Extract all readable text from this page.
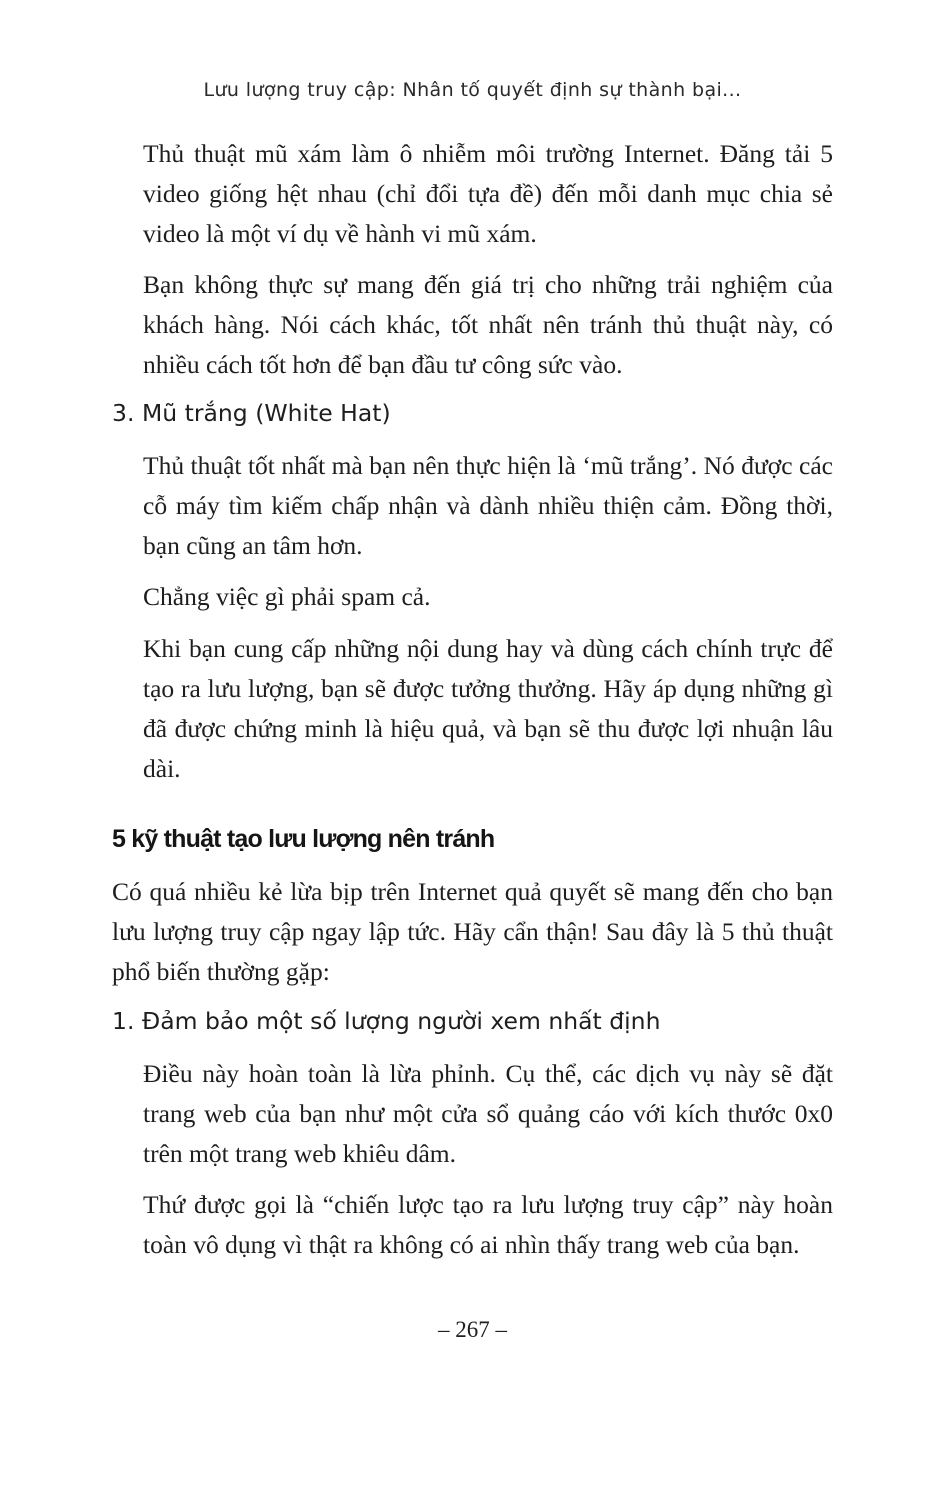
Lưu lượng truy cập: Nhân tố quyết định sự thành bại...

Thủ thuật mũ xám làm ô nhiễm môi trường Internet. Đăng tải 5 video giống hệt nhau (chỉ đổi tựa đề) đến mỗi danh mục chia sẻ video là một ví dụ về hành vi mũ xám.

Bạn không thực sự mang đến giá trị cho những trải nghiệm của khách hàng. Nói cách khác, tốt nhất nên tránh thủ thuật này, có nhiều cách tốt hơn để bạn đầu tư công sức vào.

3. Mũ trắng (White Hat)

Thủ thuật tốt nhất mà bạn nên thực hiện là ‘mũ trắng’. Nó được các cỗ máy tìm kiếm chấp nhận và dành nhiều thiện cảm. Đồng thời, bạn cũng an tâm hơn.

Chẳng việc gì phải spam cả.

Khi bạn cung cấp những nội dung hay và dùng cách chính trực để tạo ra lưu lượng, bạn sẽ được tưởng thưởng. Hãy áp dụng những gì đã được chứng minh là hiệu quả, và bạn sẽ thu được lợi nhuận lâu dài.

5 kỹ thuật tạo lưu lượng nên tránh

Có quá nhiều kẻ lừa bịp trên Internet quả quyết sẽ mang đến cho bạn lưu lượng truy cập ngay lập tức. Hãy cẩn thận! Sau đây là 5 thủ thuật phổ biến thường gặp:

1. Đảm bảo một số lượng người xem nhất định

Điều này hoàn toàn là lừa phỉnh. Cụ thể, các dịch vụ này sẽ đặt trang web của bạn như một cửa sổ quảng cáo với kích thước 0x0 trên một trang web khiêu dâm.

Thứ được gọi là “chiến lược tạo ra lưu lượng truy cập” này hoàn toàn vô dụng vì thật ra không có ai nhìn thấy trang web của bạn.

– 267 –
